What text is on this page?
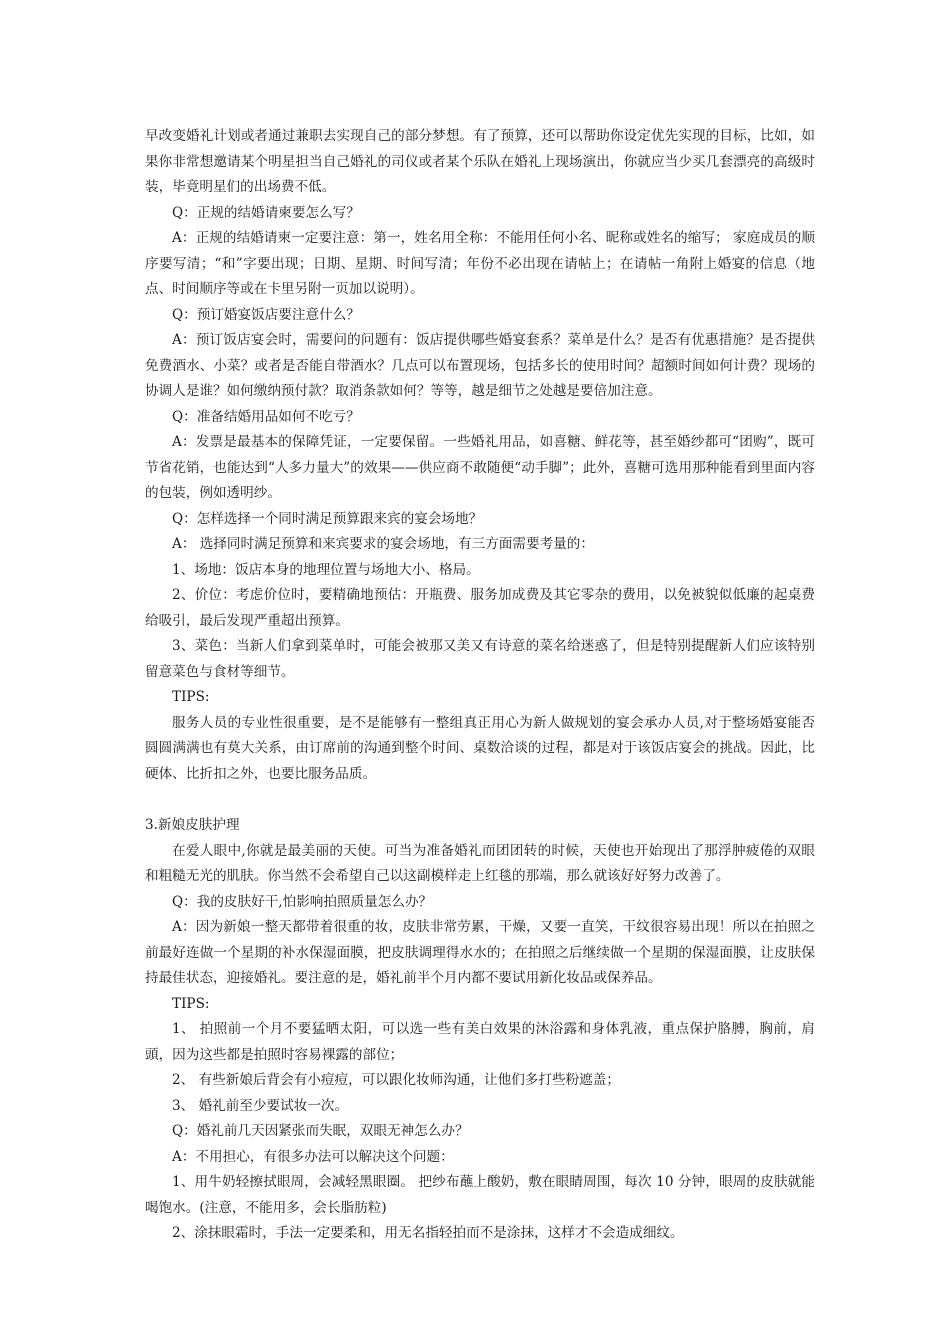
早改变婚礼计划或者通过兼职去实现自己的部分梦想。有了预算，还可以帮助你设定优先实现的目标，比如，如果你非常想邀请某个明星担当自己婚礼的司仪或者某个乐队在婚礼上现场演出，你就应当少买几套漂亮的高级时装，毕竟明星们的出场费不低。

Q：正规的结婚请柬要怎么写？

A：正规的结婚请柬一定要注意：第一，姓名用全称：不能用任何小名、昵称或姓名的缩写； 家庭成员的顺序要写清；“和”字要出现；日期、星期、时间写清；年份不必出现在请帖上；在请帖一角附上婚宴的信息（地点、时间顺序等或在卡里另附一页加以说明）。

Q：预订婚宴饭店要注意什么？

A：预订饭店宴会时，需要问的问题有：饭店提供哪些婚宴套系？菜单是什么？是否有优惠措施？是否提供免费酒水、小菜？或者是否能自带酒水？几点可以布置现场，包括多长的使用时间？超额时间如何计费？现场的协调人是谁？如何缴纳预付款？取消条款如何？等等，越是细节之处越是要倍加注意。

Q：准备结婚用品如何不吃亏？

A：发票是最基本的保障凭证，一定要保留。一些婚礼用品，如喜糖、鲜花等，甚至婚纱都可“团购”，既可节省花销，也能达到“人多力量大”的效果——供应商不敢随便“动手脚”；此外，喜糖可选用那种能看到里面内容的包装，例如透明纱。

Q：怎样选择一个同时满足预算跟来宾的宴会场地？

A： 选择同时满足预算和来宾要求的宴会场地，有三方面需要考量的：

1、场地：饭店本身的地理位置与场地大小、格局。

2、价位：考虑价位时，要精确地预估：开瓶费、服务加成费及其它零杂的费用，以免被貌似低廉的起桌费给吸引，最后发现严重超出预算。

3、菜色：当新人们拿到菜单时，可能会被那又美又有诗意的菜名给迷惑了，但是特别提醒新人们应该特别留意菜色与食材等细节。

TIPS:

服务人员的专业性很重要，是不是能够有一整组真正用心为新人做规划的宴会承办人员,对于整场婚宴能否圆圆满满也有莫大关系，由订席前的沟通到整个时间、桌数洽谈的过程，都是对于该饭店宴会的挑战。因此，比硬体、比折扣之外，也要比服务品质。

3.新娘皮肤护理

在爱人眼中,你就是最美丽的天使。可当为准备婚礼而团团转的时候，天使也开始现出了那浮肿疲倦的双眼和粗糙无光的肌肤。你当然不会希望自己以这副模样走上红毯的那端，那么就该好好努力改善了。

Q：我的皮肤好干,怕影响拍照质量怎么办？

A：因为新娘一整天都带着很重的妆，皮肤非常劳累，干燥，又要一直笑，干纹很容易出现！所以在拍照之前最好连做一个星期的补水保湿面膜，把皮肤调理得水水的；在拍照之后继续做一个星期的保湿面膜，让皮肤保持最佳状态，迎接婚礼。要注意的是，婚礼前半个月内都不要试用新化妆品或保养品。

TIPS:

1、 拍照前一个月不要猛晒太阳，可以选一些有美白效果的沐浴露和身体乳液，重点保护胳膊，胸前，肩頭，因为这些都是拍照时容易裸露的部位；

2、 有些新娘后背会有小痘痘，可以跟化妆师沟通，让他们多打些粉遮盖；

3、 婚礼前至少要试妆一次。

Q：婚礼前几天因紧张而失眠，双眼无神怎么办？

A：不用担心，有很多办法可以解决这个问题：

1、用牛奶轻擦拭眼周，会减轻黑眼圈。 把纱布蘸上酸奶，敷在眼睛周围，每次 10 分钟，眼周的皮肤就能喝饱水。(注意，不能用多，会长脂肪粒)

2、涂抹眼霜时，手法一定要柔和，用无名指轻拍而不是涂抹，这样才不会造成细纹。
